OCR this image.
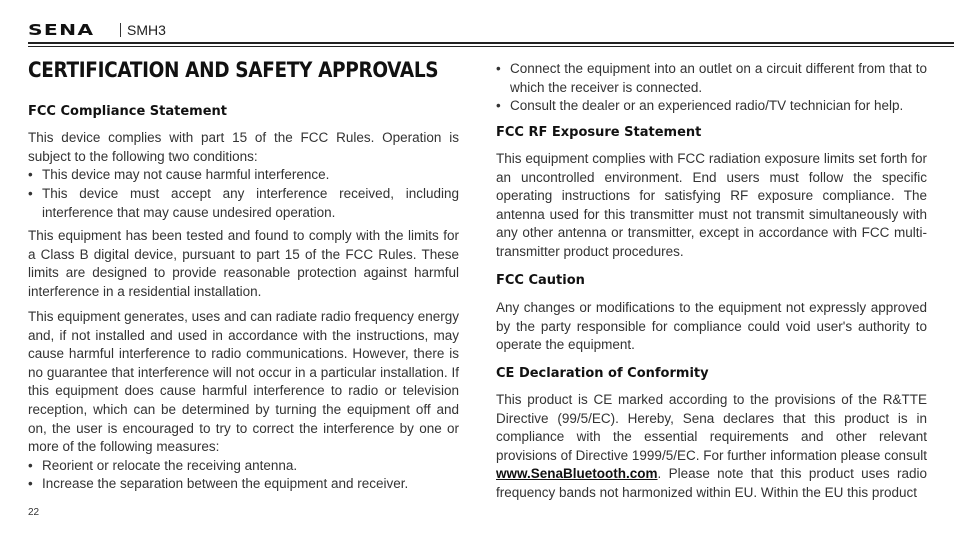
SENA	SMH3
CERTIFICATION AND SAFETY APPROVALS
FCC Compliance Statement
This device complies with part 15 of the FCC Rules. Operation is subject to the following two conditions:
• This device may not cause harmful interference.
• This device must accept any interference received, including interference that may cause undesired operation.
This equipment has been tested and found to comply with the limits for a Class B digital device, pursuant to part 15 of the FCC Rules. These limits are designed to provide reasonable protection against harmful interference in a residential installation.
This equipment generates, uses and can radiate radio frequency energy and, if not installed and used in accordance with the instructions, may cause harmful interference to radio communications. However, there is no guarantee that interference will not occur in a particular installation. If this equipment does cause harmful interference to radio or television reception, which can be determined by turning the equipment off and on, the user is encouraged to try to correct the interference by one or more of the following measures:
• Reorient or relocate the receiving antenna.
• Increase the separation between the equipment and receiver.
22
• Connect the equipment into an outlet on a circuit different from that to which the receiver is connected.
• Consult the dealer or an experienced radio/TV technician for help.
FCC RF Exposure Statement
This equipment complies with FCC radiation exposure limits set forth for an uncontrolled environment. End users must follow the specific operating instructions for satisfying RF exposure compliance. The antenna used for this transmitter must not transmit simultaneously with any other antenna or transmitter, except in accordance with FCC multi-transmitter product procedures.
FCC Caution
Any changes or modifications to the equipment not expressly approved by the party responsible for compliance could void user's authority to operate the equipment.
CE Declaration of Conformity
This product is CE marked according to the provisions of the R&TTE Directive (99/5/EC). Hereby, Sena declares that this product is in compliance with the essential requirements and other relevant provisions of Directive 1999/5/EC. For further information please consult www.SenaBluetooth.com. Please note that this product uses radio frequency bands not harmonized within EU. Within the EU this product
